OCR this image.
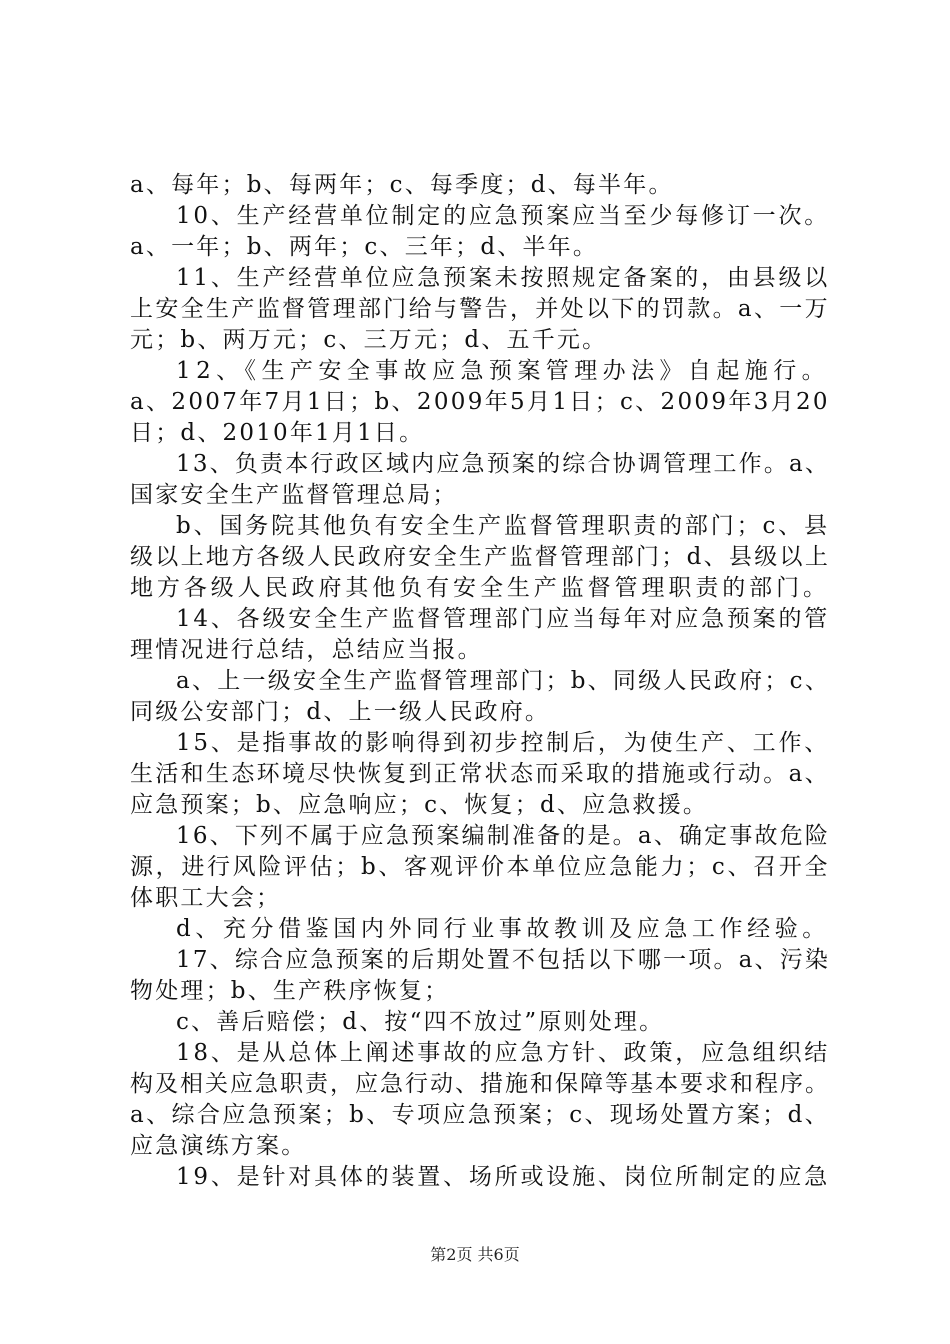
a、每年；b、每两年；c、每季度；d、每半年。
10、生产经营单位制定的应急预案应当至少每修订一次。
a、一年；b、两年；c、三年；d、半年。
11、生产经营单位应急预案未按照规定备案的，由县级以
上安全生产监督管理部门给与警告，并处以下的罚款。a、一万
元；b、两万元；c、三万元；d、五千元。
12、《生产安全事故应急预案管理办法》自起施行。
a、2007年7月1日；b、2009年5月1日；c、2009年3月20
日；d、2010年1月1日。
13、负责本行政区域内应急预案的综合协调管理工作。a、
国家安全生产监督管理总局；
b、国务院其他负有安全生产监督管理职责的部门；c、县
级以上地方各级人民政府安全生产监督管理部门；d、县级以上
地方各级人民政府其他负有安全生产监督管理职责的部门。
14、各级安全生产监督管理部门应当每年对应急预案的管
理情况进行总结，总结应当报。
a、上一级安全生产监督管理部门；b、同级人民政府；c、
同级公安部门；d、上一级人民政府。
15、是指事故的影响得到初步控制后，为使生产、工作、
生活和生态环境尽快恢复到正常状态而采取的措施或行动。a、
应急预案；b、应急响应；c、恢复；d、应急救援。
16、下列不属于应急预案编制准备的是。a、确定事故危险
源，进行风险评估；b、客观评价本单位应急能力；c、召开全
体职工大会；
d、充分借鉴国内外同行业事故教训及应急工作经验。
17、综合应急预案的后期处置不包括以下哪一项。a、污染
物处理；b、生产秩序恢复；
c、善后赔偿；d、按“四不放过”原则处理。
18、是从总体上阐述事故的应急方针、政策，应急组织结
构及相关应急职责，应急行动、措施和保障等基本要求和程序。
a、综合应急预案；b、专项应急预案；c、现场处置方案；d、
应急演练方案。
19、是针对具体的装置、场所或设施、岗位所制定的应急
第2页 共6页
